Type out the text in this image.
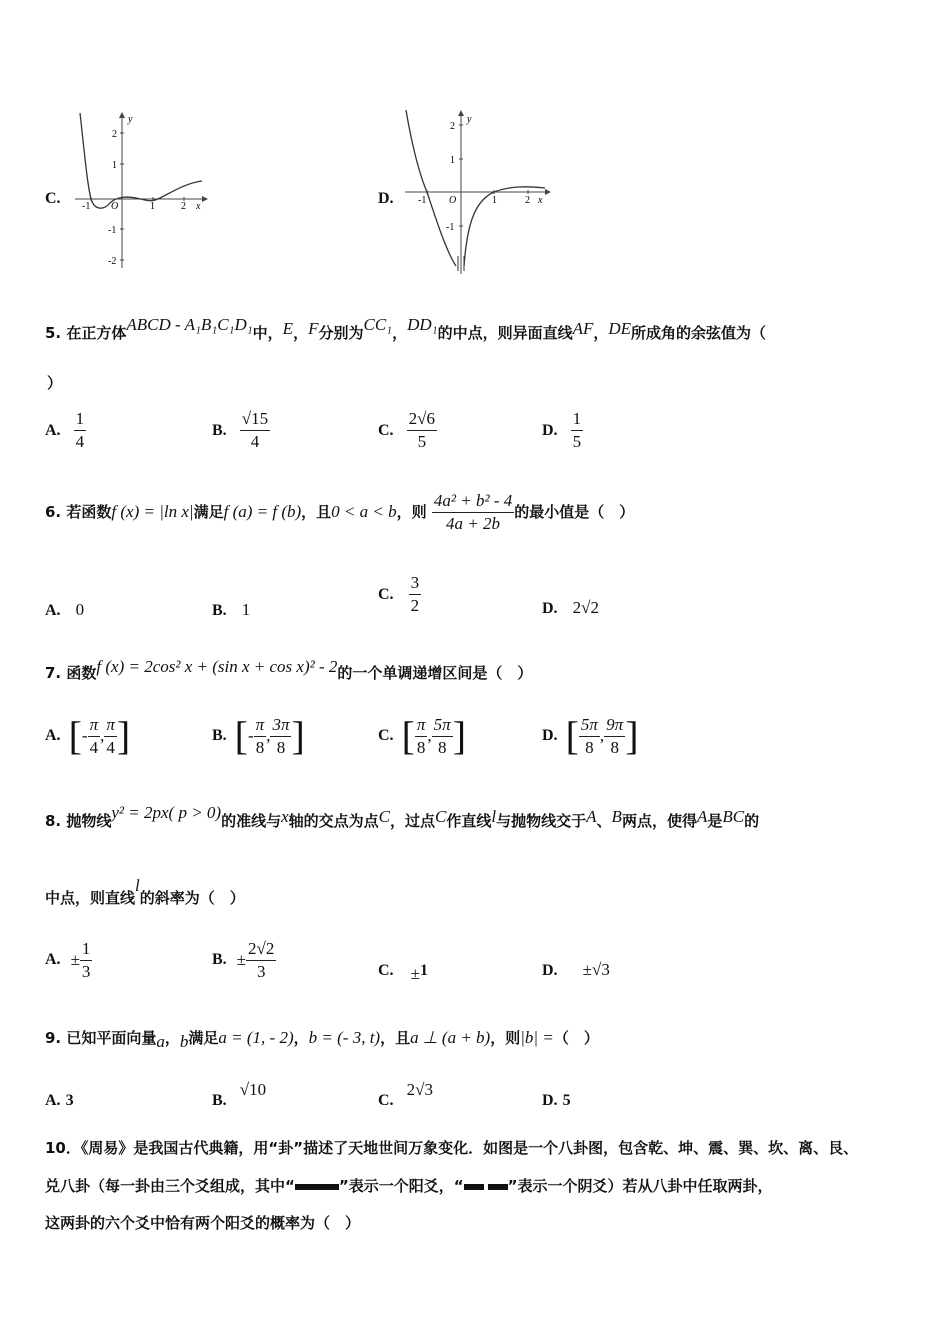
C.
2
1
-1
-2
-1 O	1	2 x
y
D.
2
1
-1
-1 O	1	2 x
y
5. 在正方体ABCD - A₁B₁C₁D₁中，E，F分别为CC₁，DD₁的中点，则异面直线AF，DE所成角的余弦值为（
）
A. $\frac{1}{4}$	B. $\frac{√15}{4}$	C. $\frac{2√6}{5}$	D. $\frac{1}{5}$
6. 若函数f (x) = |ln x|满足f (a) = f (b)，且0 < a < b，则 $\frac{\text{4a² + b² - 4}}{4a + 2b}$ 的最小值是（　）
A. 0	B. 1
C. $\frac{3}{2}$	D. 2√2
7. 函数f (x) = 2cos² x + (sin x + cos x)² - 2的一个单调递增区间是（　）
A. [ - $\frac{\pi}{4}$ , $\frac{\pi}{4}$ ]	B. [ - $\frac{\pi}{8}$ , $\frac{3\pi}{8}$ ]	C. [ $\frac{\pi}{8}$ , $\frac{5\pi}{8}$ ]	D. [ $\frac{5\pi}{8}$ , $\frac{9\pi}{8}$ ]
8. 抛物线y² = 2px( p > 0)的准线与x轴的交点为点C，过点C作直线l与抛物线交于A、B两点，使得A是BC的
中点，则直线l的斜率为（　）
A. ± $\frac{1}{3}$	B. ± $\frac{2√2}{3}$	C. ±1	D. ±√3
9. 已知平面向量a，b满足a = (1, - 2)，b = (- 3, t)，且a ⊥ (a + b)，则|b| =（　）
A. 3	B. √10
C. 2√3
D. 5
10．《周易》是我国古代典籍，用“卦”描述了天地世间万象变化．如图是一个八卦图，包含乾、坤、震、巽、坎、离、艮、
兑八卦（每一卦由三个爻组成，其中“	”表示一个阳爻，“	”表示一个阴爻）若从八卦中任取两卦，
这两卦的六个爻中恰有两个阳爻的概率为（　）
